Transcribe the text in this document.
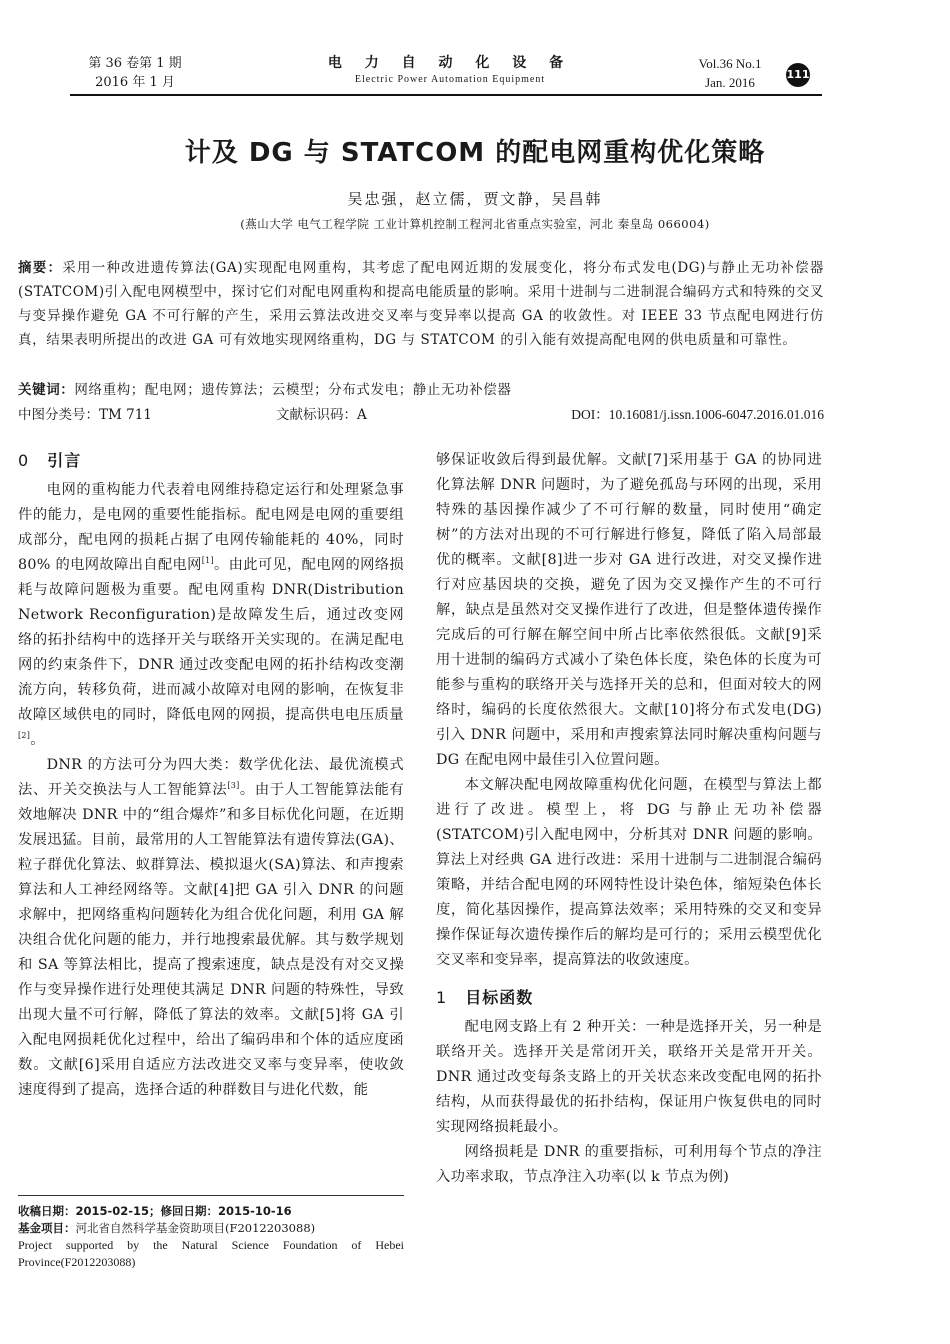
第 36 卷第 1 期
2016 年 1 月
电 力 自 动 化 设 备
Electric Power Automation Equipment
Vol.36 No.1
Jan. 2016
111
计及 DG 与 STATCOM 的配电网重构优化策略
吴忠强，赵立儒，贾文静，吴昌韩
(燕山大学 电气工程学院 工业计算机控制工程河北省重点实验室，河北 秦皇岛 066004)
摘要：采用一种改进遗传算法(GA)实现配电网重构，其考虑了配电网近期的发展变化，将分布式发电(DG)与静止无功补偿器(STATCOM)引入配电网模型中，探讨它们对配电网重构和提高电能质量的影响。采用十进制与二进制混合编码方式和特殊的交叉与变异操作避免 GA 不可行解的产生，采用云算法改进交叉率与变异率以提高 GA 的收敛性。对 IEEE 33 节点配电网进行仿真，结果表明所提出的改进 GA 可有效地实现网络重构，DG 与 STATCOM 的引入能有效提高配电网的供电质量和可靠性。
关键词：网络重构；配电网；遗传算法；云模型；分布式发电；静止无功补偿器
中图分类号：TM 711	文献标识码：A	DOI：10.16081/j.issn.1006-6047.2016.01.016
0 引言

电网的重构能力代表着电网维持稳定运行和处理紧急事件的能力，是电网的重要性能指标。配电网是电网的重要组成部分，配电网的损耗占据了电网传输能耗的 40%，同时 80% 的电网故障出自配电网[1]。由此可见，配电网的网络损耗与故障问题极为重要。配电网重构 DNR(Distribution Network Reconfiguration)是故障发生后，通过改变网络的拓扑结构中的选择开关与联络开关实现的。在满足配电网的约束条件下，DNR 通过改变配电网的拓扑结构改变潮流方向，转移负荷，进而减小故障对电网的影响，在恢复非故障区域供电的同时，降低电网的网损，提高供电电压质量[2]。

DNR 的方法可分为四大类：数学优化法、最优流模式法、开关交换法与人工智能算法[3]。由于人工智能算法能有效地解决 DNR 中的“组合爆炸”和多目标优化问题，在近期发展迅猛。目前，最常用的人工智能算法有遗传算法(GA)、粒子群优化算法、蚁群算法、模拟退火(SA)算法、和声搜索算法和人工神经网络等。文献[4]把 GA 引入 DNR 的问题求解中，把网络重构问题转化为组合优化问题，利用 GA 解决组合优化问题的能力，并行地搜索最优解。其与数学规划和 SA 等算法相比，提高了搜索速度，缺点是没有对交叉操作与变异操作进行处理使其满足 DNR 问题的特殊性，导致出现大量不可行解，降低了算法的效率。文献[5]将 GA 引入配电网损耗优化过程中，给出了编码串和个体的适应度函数。文献[6]采用自适应方法改进交叉率与变异率，使收敛速度得到了提高，选择合适的种群数目与进化代数，能

够保证收敛后得到最优解。文献[7]采用基于 GA 的协同进化算法解 DNR 问题时，为了避免孤岛与环网的出现，采用特殊的基因操作减少了不可行解的数量，同时使用“确定树”的方法对出现的不可行解进行修复，降低了陷入局部最优的概率。文献[8]进一步对 GA 进行改进，对交叉操作进行对应基因块的交换，避免了因为交叉操作产生的不可行解，缺点是虽然对交叉操作进行了改进，但是整体遗传操作完成后的可行解在解空间中所占比率依然很低。文献[9]采用十进制的编码方式减小了染色体长度，染色体的长度为可能参与重构的联络开关与选择开关的总和，但面对较大的网络时，编码的长度依然很大。文献[10]将分布式发电(DG)引入 DNR 问题中，采用和声搜索算法同时解决重构问题与 DG 在配电网中最佳引入位置问题。

本文解决配电网故障重构优化问题，在模型与算法上都进行了改进。模型上，将 DG 与静止无功补偿器(STATCOM)引入配电网中，分析其对 DNR 问题的影响。算法上对经典 GA 进行改进：采用十进制与二进制混合编码策略，并结合配电网的环网特性设计染色体，缩短染色体长度，简化基因操作，提高算法效率；采用特殊的交叉和变异操作保证每次遗传操作后的解均是可行的；采用云模型优化交叉率和变异率，提高算法的收敛速度。

1 目标函数

配电网支路上有 2 种开关：一种是选择开关，另一种是联络开关。选择开关是常闭开关，联络开关是常开开关。DNR 通过改变每条支路上的开关状态来改变配电网的拓扑结构，从而获得最优的拓扑结构，保证用户恢复供电的同时实现网络损耗最小。

网络损耗是 DNR 的重要指标，可利用每个节点的净注入功率求取，节点净注入功率(以 k 节点为例)

收稿日期：2015-02-15；修回日期：2015-10-16
基金项目：河北省自然科学基金资助项目(F2012203088)
Project supported by the Natural Science Foundation of Hebei Province(F2012203088)
